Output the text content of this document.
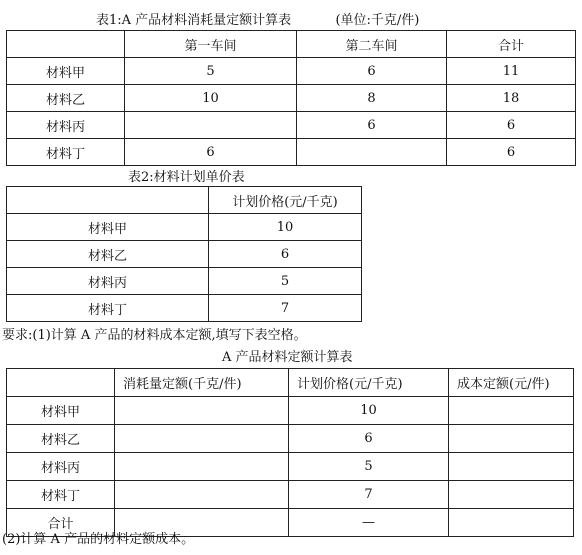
表1:A 产品材料消耗量定额计算表	(单位:千克/件)
	第一车间	第二车间	合计
材料甲	5	6	11
材料乙	10	8	18
材料丙		6	6
材料丁	6		6
表2:材料计划单价表
	计划价格(元/千克)
材料甲	10
材料乙	6
材料丙	5
材料丁	7
要求:(1)计算 A 产品的材料成本定额,填写下表空格。
A 产品材料定额计算表
	消耗量定额(千克/件)	计划价格(元/千克)	成本定额(元/件)
材料甲		10	
材料乙		6	
材料丙		5	
材料丁		7	
合计		—	
(2)计算 A 产品的材料定额成本。
